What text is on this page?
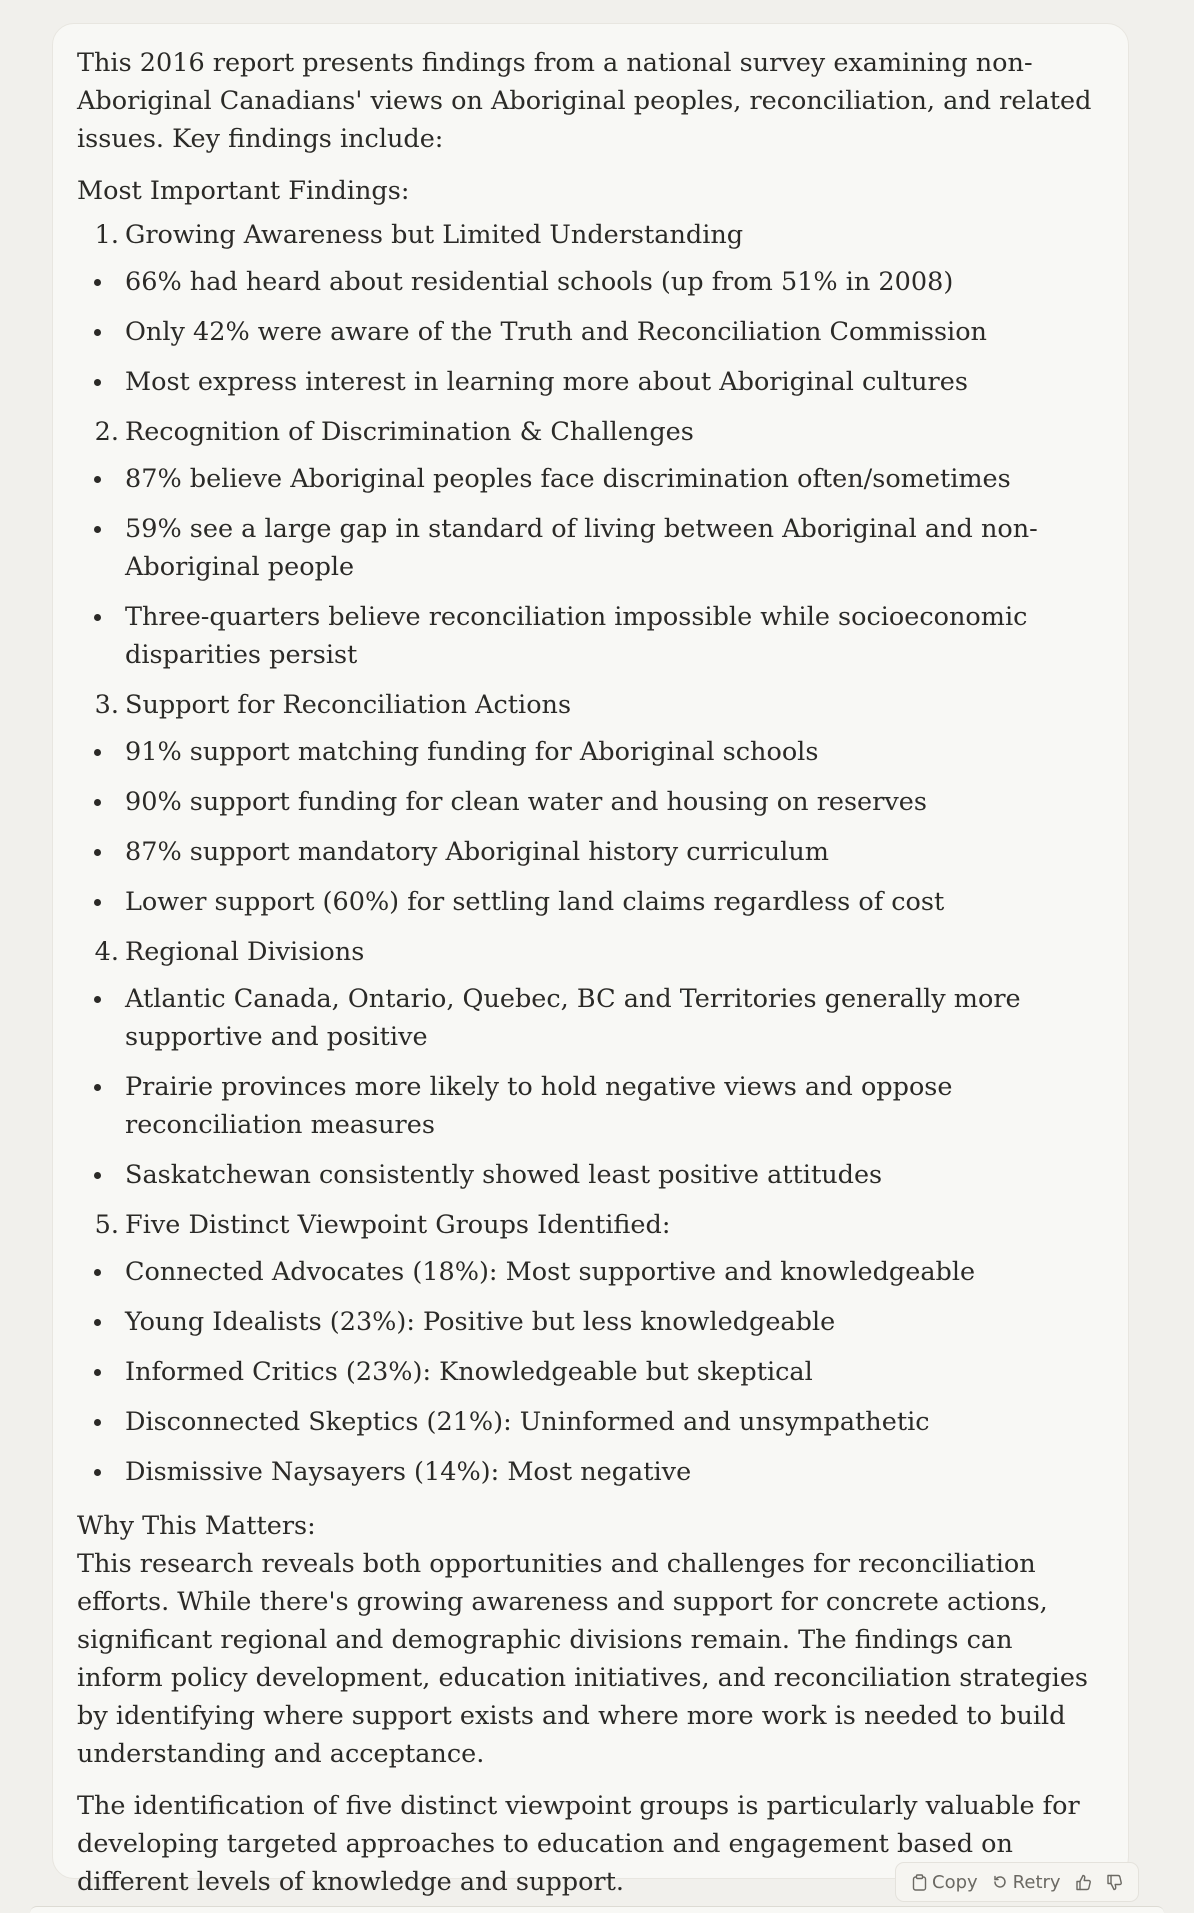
This 2016 report presents findings from a national survey examining non-Aboriginal Canadians' views on Aboriginal peoples, reconciliation, and related issues. Key findings include:

Most Important Findings:
1. Growing Awareness but Limited Understanding
66% had heard about residential schools (up from 51% in 2008)
Only 42% were aware of the Truth and Reconciliation Commission
Most express interest in learning more about Aboriginal cultures
2. Recognition of Discrimination & Challenges
87% believe Aboriginal peoples face discrimination often/sometimes
59% see a large gap in standard of living between Aboriginal and non-Aboriginal people
Three-quarters believe reconciliation impossible while socioeconomic disparities persist
3. Support for Reconciliation Actions
91% support matching funding for Aboriginal schools
90% support funding for clean water and housing on reserves
87% support mandatory Aboriginal history curriculum
Lower support (60%) for settling land claims regardless of cost
4. Regional Divisions
Atlantic Canada, Ontario, Quebec, BC and Territories generally more supportive and positive
Prairie provinces more likely to hold negative views and oppose reconciliation measures
Saskatchewan consistently showed least positive attitudes
5. Five Distinct Viewpoint Groups Identified:
Connected Advocates (18%): Most supportive and knowledgeable
Young Idealists (23%): Positive but less knowledgeable
Informed Critics (23%): Knowledgeable but skeptical
Disconnected Skeptics (21%): Uninformed and unsympathetic
Dismissive Naysayers (14%): Most negative
Why This Matters:

This research reveals both opportunities and challenges for reconciliation efforts. While there's growing awareness and support for concrete actions, significant regional and demographic divisions remain. The findings can inform policy development, education initiatives, and reconciliation strategies by identifying where support exists and where more work is needed to build understanding and acceptance.

The identification of five distinct viewpoint groups is particularly valuable for developing targeted approaches to education and engagement based on different levels of knowledge and support.	Copy Retry
